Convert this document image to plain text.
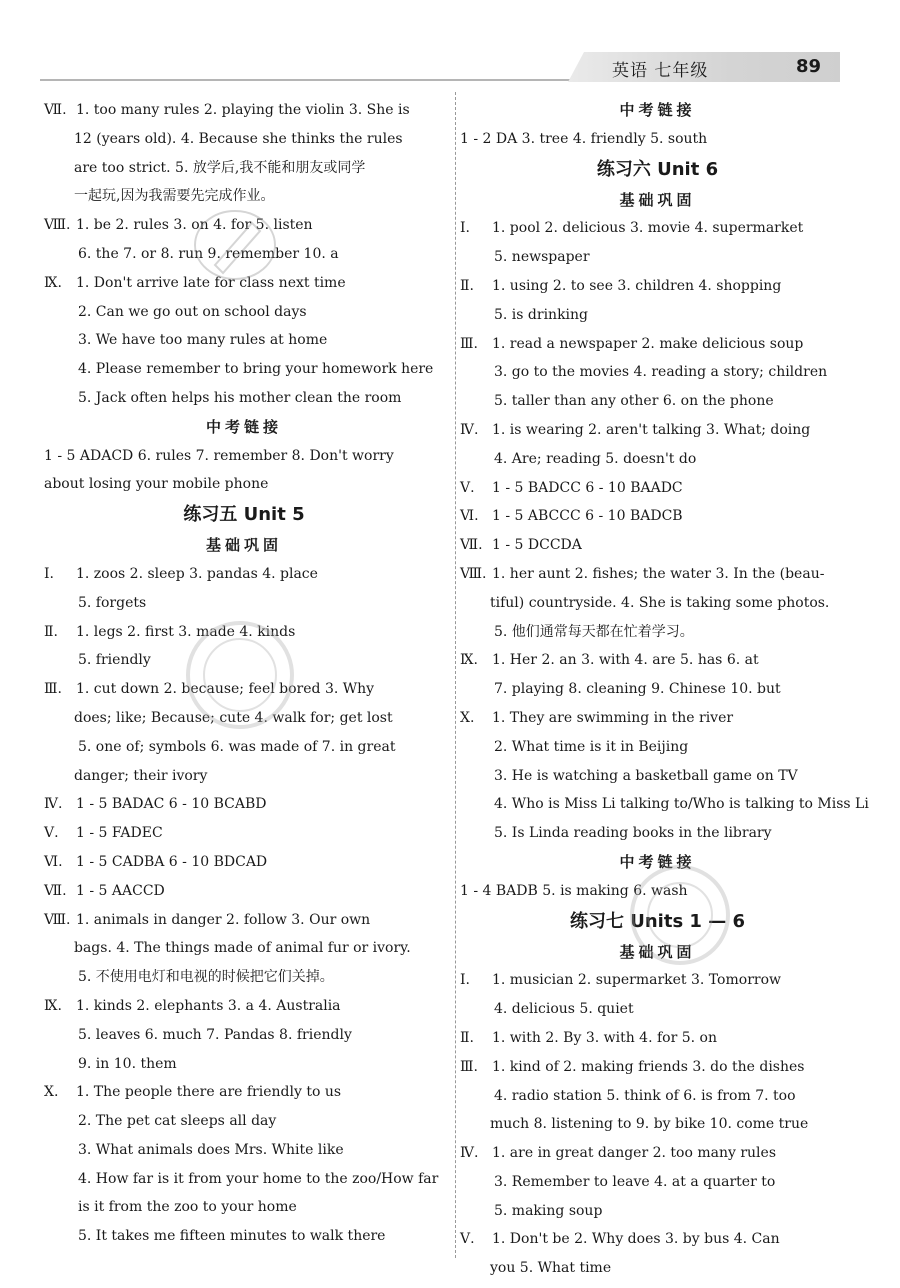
英语 七年级	89
Ⅶ. 1. too many rules 2. playing the violin 3. She is
12 (years old). 4. Because she thinks the rules
are too strict. 5. 放学后,我不能和朋友或同学
一起玩,因为我需要先完成作业。
Ⅷ. 1. be 2. rules 3. on 4. for 5. listen
6. the 7. or 8. run 9. remember 10. a
Ⅸ. 1. Don't arrive late for class next time
2. Can we go out on school days
3. We have too many rules at home
4. Please remember to bring your homework here
5. Jack often helps his mother clean the room
中考链接
1 - 5 ADACD 6. rules 7. remember 8. Don't worry
about losing your mobile phone
练习五 Unit 5
基础巩固
Ⅰ. 1. zoos 2. sleep 3. pandas 4. place
5. forgets
Ⅱ. 1. legs 2. first 3. made 4. kinds
5. friendly
Ⅲ. 1. cut down 2. because; feel bored 3. Why
does; like; Because; cute 4. walk for; get lost
5. one of; symbols 6. was made of 7. in great
danger; their ivory
Ⅳ. 1 - 5 BADAC 6 - 10 BCABD
Ⅴ. 1 - 5 FADEC
Ⅵ. 1 - 5 CADBA 6 - 10 BDCAD
Ⅶ. 1 - 5 AACCD
Ⅷ. 1. animals in danger 2. follow 3. Our own
bags. 4. The things made of animal fur or ivory.
5. 不使用电灯和电视的时候把它们关掉。
Ⅸ. 1. kinds 2. elephants 3. a 4. Australia
5. leaves 6. much 7. Pandas 8. friendly
9. in 10. them
Ⅹ. 1. The people there are friendly to us
2. The pet cat sleeps all day
3. What animals does Mrs. White like
4. How far is it from your home to the zoo/How far
is it from the zoo to your home
5. It takes me fifteen minutes to walk there
中考链接
1 - 2 DA 3. tree 4. friendly 5. south
练习六 Unit 6
基础巩固
Ⅰ. 1. pool 2. delicious 3. movie 4. supermarket
5. newspaper
Ⅱ. 1. using 2. to see 3. children 4. shopping
5. is drinking
Ⅲ. 1. read a newspaper 2. make delicious soup
3. go to the movies 4. reading a story; children
5. taller than any other 6. on the phone
Ⅳ. 1. is wearing 2. aren't talking 3. What; doing
4. Are; reading 5. doesn't do
Ⅴ. 1 - 5 BADCC 6 - 10 BAADC
Ⅵ. 1 - 5 ABCCC 6 - 10 BADCB
Ⅶ. 1 - 5 DCCDA
Ⅷ. 1. her aunt 2. fishes; the water 3. In the (beau-
tiful) countryside. 4. She is taking some photos.
5. 他们通常每天都在忙着学习。
Ⅸ. 1. Her 2. an 3. with 4. are 5. has 6. at
7. playing 8. cleaning 9. Chinese 10. but
Ⅹ. 1. They are swimming in the river
2. What time is it in Beijing
3. He is watching a basketball game on TV
4. Who is Miss Li talking to/Who is talking to Miss Li
5. Is Linda reading books in the library
中考链接
1 - 4 BADB 5. is making 6. wash
练习七 Units 1 — 6
基础巩固
Ⅰ. 1. musician 2. supermarket 3. Tomorrow
4. delicious 5. quiet
Ⅱ. 1. with 2. By 3. with 4. for 5. on
Ⅲ. 1. kind of 2. making friends 3. do the dishes
4. radio station 5. think of 6. is from 7. too
much 8. listening to 9. by bike 10. come true
Ⅳ. 1. are in great danger 2. too many rules
3. Remember to leave 4. at a quarter to
5. making soup
Ⅴ. 1. Don't be 2. Why does 3. by bus 4. Can
you 5. What time
